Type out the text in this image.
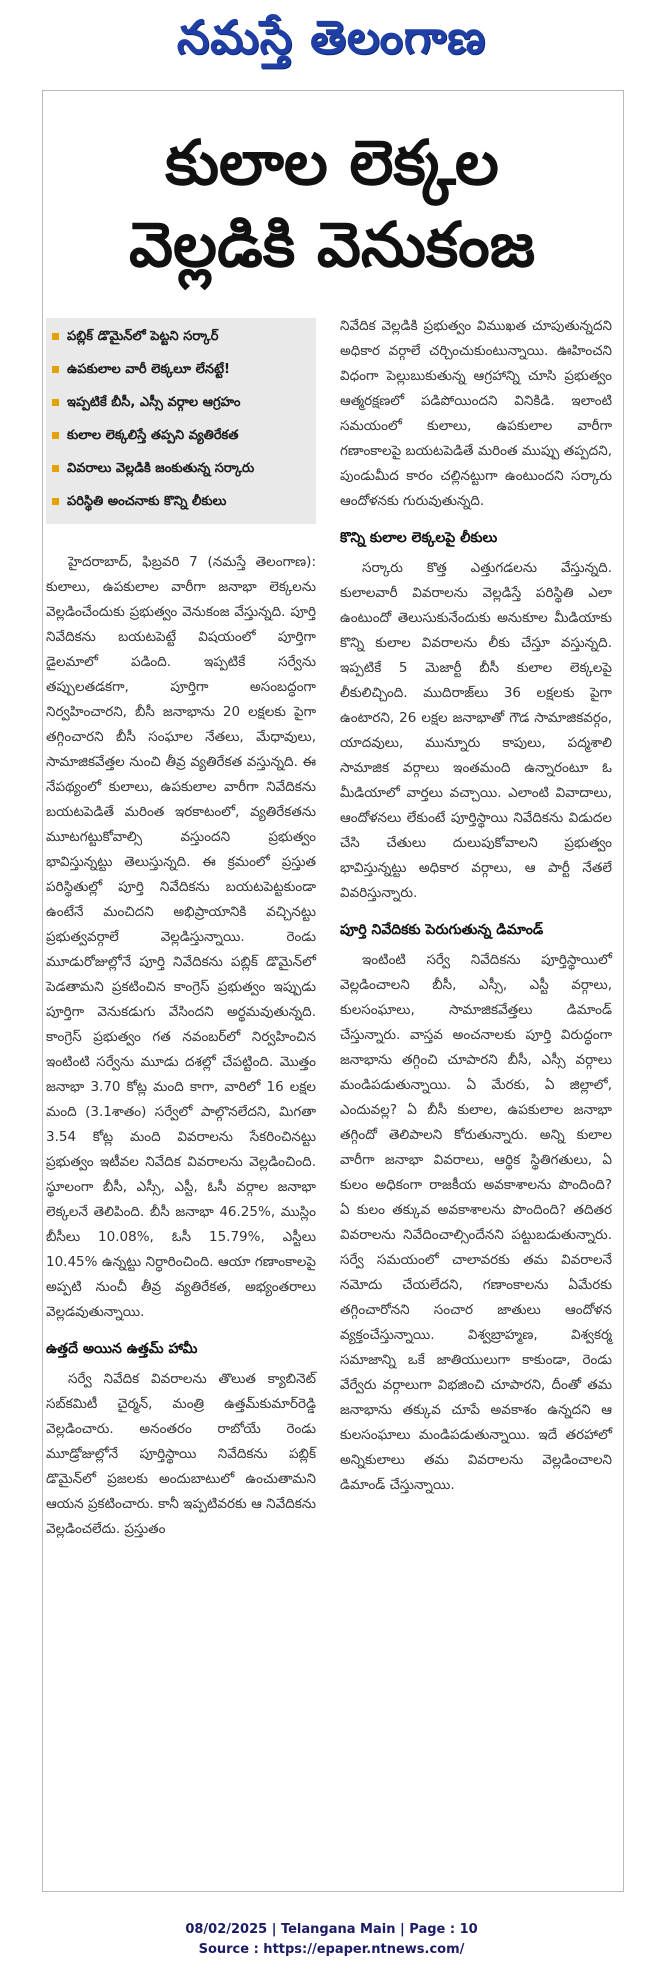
నమస్తే తెలంగాణ
కులాల లెక్కల
వెల్లడికి వెనుకంజ
పబ్లిక్ డొమైన్‌లో పెట్టని సర్కార్
ఉపకులాల వారీ లెక్కలూ లేనట్టే!
ఇప్పటికే బీసీ, ఎస్సీ వర్గాల ఆగ్రహం
కులాల లెక్కలిస్తే తప్పని వ్యతిరేకత
వివరాలు వెల్లడికి జంకుతున్న సర్కారు
పరిస్థితి అంచనాకు కొన్ని లీకులు

హైదరాబాద్, ఫిబ్రవరి 7 (నమస్తే తెలంగాణ): కులాలు, ఉపకులాల వారీగా జనాభా లెక్కలను వెల్లడించేందుకు ప్రభుత్వం వెనుకంజ వేస్తున్నది. పూర్తి నివేదికను బయటపెట్టే విషయంలో పూర్తిగా డైలమాలో పడింది. ఇప్పటికే సర్వేను తప్పులతడకగా, పూర్తిగా అసంబద్ధంగా నిర్వహించారని, బీసీ జనాభాను 20 లక్షలకు పైగా తగ్గించారని బీసీ సంఘాల నేతలు, మేధావులు, సామాజికవేత్తల నుంచి తీవ్ర వ్యతిరేకత వస్తున్నది. ఈ నేపథ్యంలో కులాలు, ఉపకులాల వారీగా నివేదికను బయటపెడితే మరింత ఇరకాటంలో, వ్యతిరేకతను మూటగట్టుకోవాల్సి వస్తుందని ప్రభుత్వం భావిస్తున్నట్టు తెలుస్తున్నది. ఈ క్రమంలో ప్రస్తుత పరిస్థితుల్లో పూర్తి నివేదికను బయటపెట్టకుండా ఉంటేనే మంచిదని అభిప్రాయానికి వచ్చినట్టు ప్రభుత్వవర్గాలే వెల్లడిస్తున్నాయి. రెండు మూడురోజుల్లోనే పూర్తి నివేదికను పబ్లిక్ డొమైన్‌లో పెడతామని ప్రకటించిన కాంగ్రెస్ ప్రభుత్వం ఇప్పుడు పూర్తిగా వెనుకడుగు వేసిందని అర్థమవుతున్నది. కాంగ్రెస్ ప్రభుత్వం గత నవంబర్‌లో నిర్వహించిన ఇంటింటి సర్వేను మూడు దశల్లో చేపట్టింది. మొత్తం జనాభా 3.70 కోట్ల మంది కాగా, వారిలో 16 లక్షల మంది (3.1శాతం) సర్వేలో పాల్గొనలేదని, మిగతా 3.54 కోట్ల మంది వివరాలను సేకరించినట్టు ప్రభుత్వం ఇటీవల నివేదిక వివరాలను వెల్లడించింది. స్థూలంగా బీసీ, ఎస్సీ, ఎస్టీ, ఓసీ వర్గాల జనాభా లెక్కలనే తెలిపింది. బీసీ జనాభా 46.25%, ముస్లిం బీసీలు 10.08%, ఓసీ 15.79%, ఎస్టీలు 10.45% ఉన్నట్టు నిర్ధారించింది. ఆయా గణాంకాలపై అప్పటి నుంచీ తీవ్ర వ్యతిరేకత, అభ్యంతరాలు వెల్లడవుతున్నాయి.

ఉత్తదే అయిన ఉత్తమ్ హామీ

సర్వే నివేదిక వివరాలను తొలుత క్యాబినెట్ సబ్‌కమిటీ చైర్మన్, మంత్రి ఉత్తమ్‌కుమార్‌రెడ్డి వెల్లడించారు. అనంతరం రాబోయే రెండు మూడ్రోజుల్లోనే పూర్తిస్థాయి నివేదికను పబ్లిక్ డొమైన్‌లో ప్రజలకు అందుబాటులో ఉంచుతామని ఆయన ప్రకటించారు. కానీ ఇప్పటివరకు ఆ నివేదికను వెల్లడించలేదు. ప్రస్తుతం

నివేదిక వెల్లడికి ప్రభుత్వం విముఖత చూపుతున్నదని అధికార వర్గాలే చర్చించుకుంటున్నాయి. ఊహించని విధంగా పెల్లుబుకుతున్న ఆగ్రహాన్ని చూసి ప్రభుత్వం ఆత్మరక్షణలో పడిపోయిందని వినికిడి. ఇలాంటి సమయంలో కులాలు, ఉపకులాల వారీగా గణాంకాలపై బయటపెడితే మరింత ముప్పు తప్పదని, పుండుమీద కారం చల్లినట్టుగా ఉంటుందని సర్కారు ఆందోళనకు గురువుతున్నది.

కొన్ని కులాల లెక్కలపై లీకులు

సర్కారు కొత్త ఎత్తుగడలను వేస్తున్నది. కులాలవారీ వివరాలను వెల్లడిస్తే పరిస్థితి ఎలా ఉంటుందో తెలుసుకునేందుకు అనుకూల మీడియాకు కొన్ని కులాల వివరాలను లీకు చేస్తూ వస్తున్నది. ఇప్పటికే 5 మెజార్టీ బీసీ కులాల లెక్కలపై లీకులిచ్చింది. ముదిరాజ్‌లు 36 లక్షలకు పైగా ఉంటారని, 26 లక్షల జనాభాతో గౌడ సామాజికవర్గం, యాదవులు, మున్నూరు కాపులు, పద్మశాలి సామాజిక వర్గాలు ఇంతమంది ఉన్నారంటూ ఓ మీడియాలో వార్తలు వచ్చాయి. ఎలాంటి వివాదాలు, ఆందోళనలు లేకుంటే పూర్తిస్థాయి నివేదికను విడుదల చేసి చేతులు దులుపుకోవాలని ప్రభుత్వం భావిస్తున్నట్టు అధికార వర్గాలు, ఆ పార్టీ నేతలే వివరిస్తున్నారు.

పూర్తి నివేదికకు పెరుగుతున్న డిమాండ్

ఇంటింటి సర్వే నివేదికను పూర్తిస్థాయిలో వెల్లడించాలని బీసీ, ఎస్సీ, ఎస్టీ వర్గాలు, కులసంఘాలు, సామాజికవేత్తలు డిమాండ్ చేస్తున్నారు. వాస్తవ అంచనాలకు పూర్తి విరుద్ధంగా జనాభాను తగ్గించి చూపారని బీసీ, ఎస్సీ వర్గాలు మండిపడుతున్నాయి. ఏ మేరకు, ఏ జిల్లాలో, ఎందువల్ల? ఏ బీసీ కులాల, ఉపకులాల జనాభా తగ్గిందో తెలిపాలని కోరుతున్నారు. అన్ని కులాల వారీగా జనాభా వివరాలు, ఆర్థిక స్థితిగతులు, ఏ కులం అధికంగా రాజకీయ అవకాశాలను పొందింది? ఏ కులం తక్కువ అవకాశాలను పొందింది? తదితర వివరాలను నివేదించాల్సిందేనని పట్టుబడుతున్నారు. సర్వే సమయంలో చాలావరకు తమ వివరాలనే నమోదు చేయలేదని, గణాంకాలను ఏమేరకు తగ్గించారోనని సంచార జాతులు ఆందోళన వ్యక్తంచేస్తున్నాయి. విశ్వబ్రాహ్మణ, విశ్వకర్మ సమాజాన్ని ఒకే జాతియులుగా కాకుండా, రెండు వేర్వేరు వర్గాలుగా విభజించి చూపారని, దీంతో తమ జనాభాను తక్కువ చూపే అవకాశం ఉన్నదని ఆ కులసంఘాలు మండిపడుతున్నాయి. ఇదే తరహాలో అన్నికులాలు తమ వివరాలను వెల్లడించాలని డిమాండ్ చేస్తున్నాయి.

08/02/2025 | Telangana Main | Page : 10
Source : https://epaper.ntnews.com/
